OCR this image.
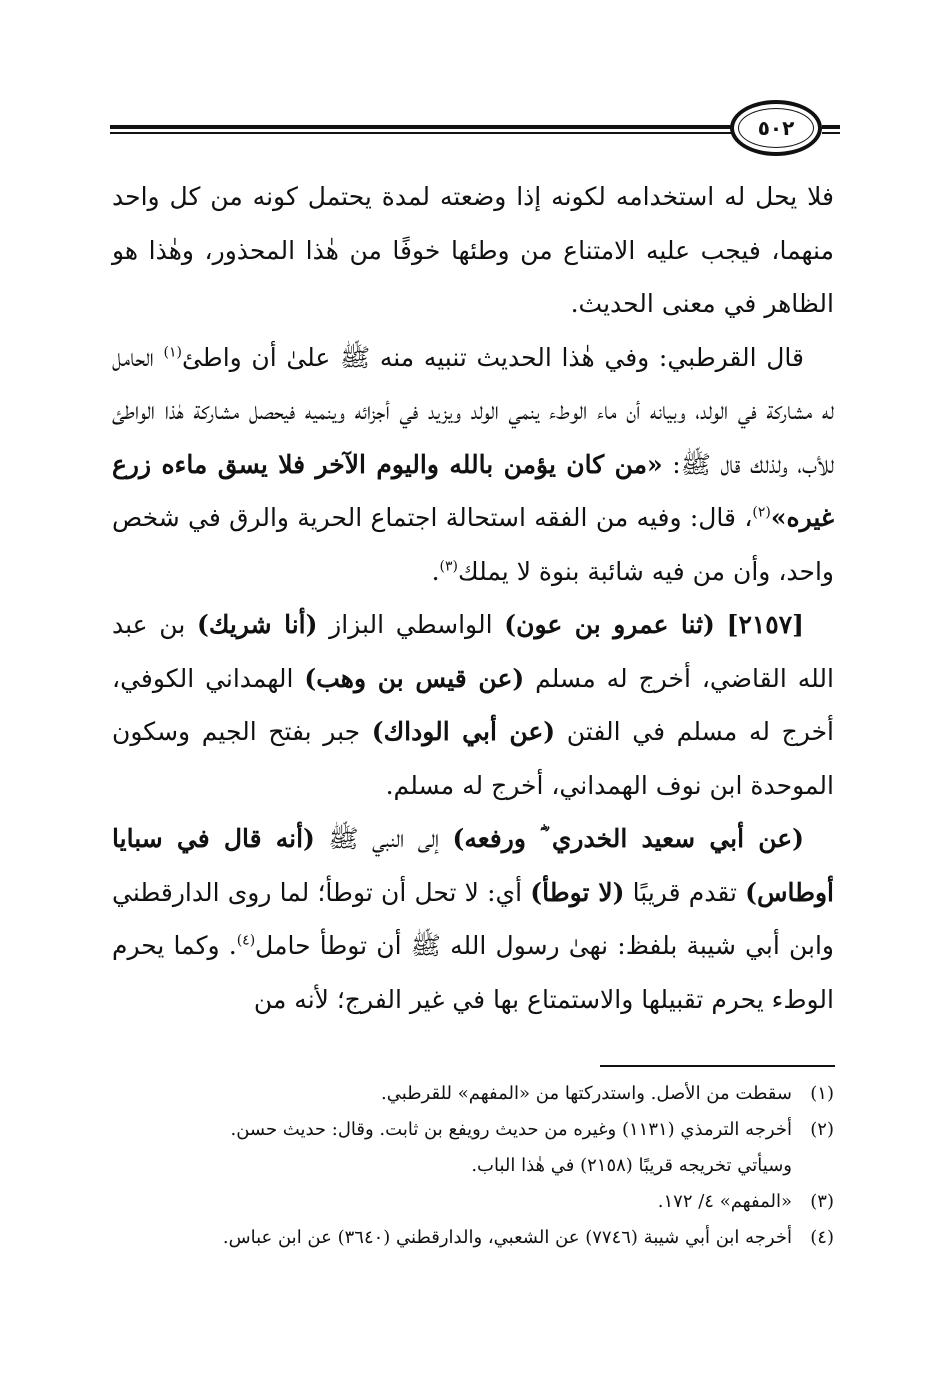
٥٠٢

فلا يحل له استخدامه لكونه إذا وضعته لمدة يحتمل كونه من كل واحد منهما، فيجب عليه الامتناع من وطئها خوفًا من هٰذا المحذور، وهٰذا هو الظاهر في معنى الحديث.

قال القرطبي: وفي هٰذا الحديث تنبيه منه ﷺ علىٰ أن واطئ$^{(١)}$ الحامل له مشاركة في الولد، وبيانه أن ماء الوطء ينمي الولد ويزيد في أجزائه وينميه فيحصل مشاركة هٰذا الواطئ للأب، ولذلك قال ﷺ: «من كان يؤمن بالله واليوم الآخر فلا يسق ماءه زرع غيره»$^{(٢)}$، قال: وفيه من الفقه استحالة اجتماع الحرية والرق في شخص واحد، وأن من فيه شائبة بنوة لا يملك$^{(٣)}$.

[٢١٥٧] (ثنا عمرو بن عون) الواسطي البزاز (أنا شريك) بن عبد الله القاضي، أخرج له مسلم (عن قيس بن وهب) الهمداني الكوفي، أخرج له مسلم في الفتن (عن أبي الوداك) جبر بفتح الجيم وسكون الموحدة ابن نوف الهمداني، أخرج له مسلم.

(عن أبي سعيد الخدري ؓ ورفعه) إلى النبي ﷺ (أنه قال في سبايا أوطاس) تقدم قريبًا (لا توطأ) أي: لا تحل أن توطأ؛ لما روى الدارقطني وابن أبي شيبة بلفظ: نهىٰ رسول الله ﷺ أن توطأ حامل$^{(٤)}$. وكما يحرم الوطء يحرم تقبيلها والاستمتاع بها في غير الفرج؛ لأنه من

(١)
سقطت من الأصل. واستدركتها من «المفهم» للقرطبي.
(٢)
أخرجه الترمذي (١١٣١) وغيره من حديث رويفع بن ثابت. وقال: حديث حسن.
وسيأتي تخريجه قريبًا (٢١٥٨) في هٰذا الباب.
(٣)
«المفهم» ٤/ ١٧٢.
(٤)
أخرجه ابن أبي شيبة (٧٧٤٦) عن الشعبي، والدارقطني (٣٦٤٠) عن ابن عباس.
